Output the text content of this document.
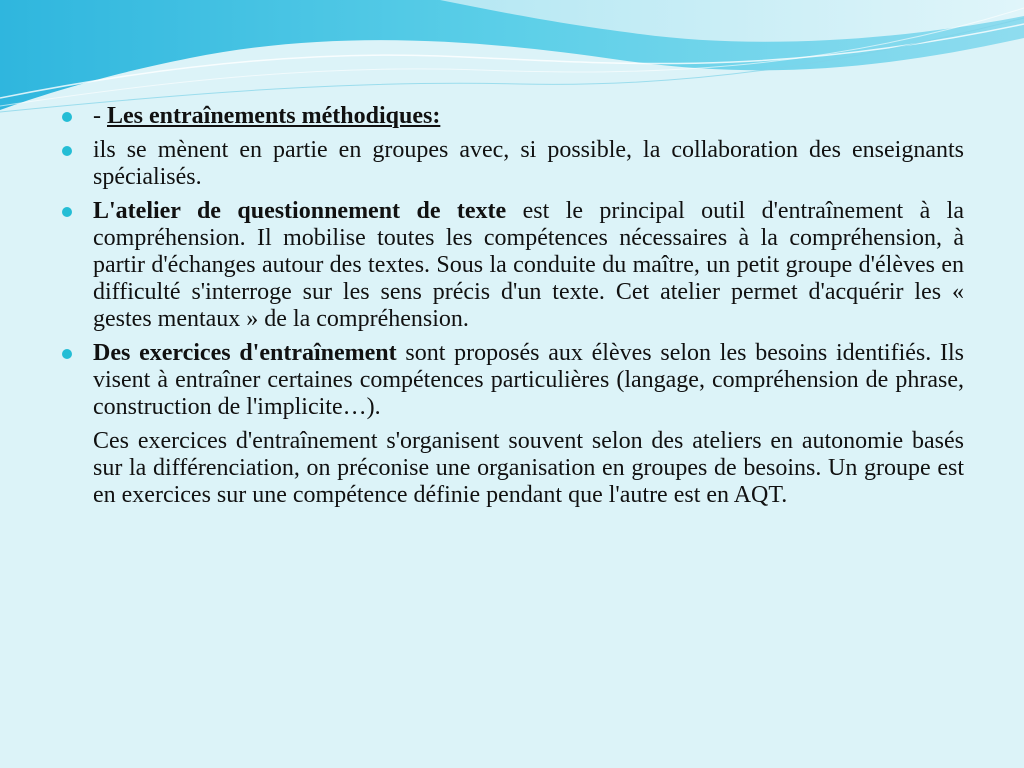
- Les entraînements méthodiques:
ils se mènent en partie en groupes avec, si possible, la collaboration des enseignants spécialisés.
L'atelier de questionnement de texte est le principal outil d'entraînement à la compréhension. Il mobilise toutes les compétences nécessaires à la compréhension, à partir d'échanges autour des textes. Sous la conduite du maître, un petit groupe d'élèves en difficulté s'interroge sur les sens précis d'un texte. Cet atelier permet d'acquérir les « gestes mentaux » de la compréhension.
Des exercices d'entraînement sont proposés aux élèves selon les besoins identifiés. Ils visent à entraîner certaines compétences particulières (langage, compréhension de phrase, construction de l'implicite…).
Ces exercices d'entraînement s'organisent souvent selon des ateliers en autonomie basés sur la différenciation, on préconise une organisation en groupes de besoins. Un groupe est en exercices sur une compétence définie pendant que l'autre est en AQT.
